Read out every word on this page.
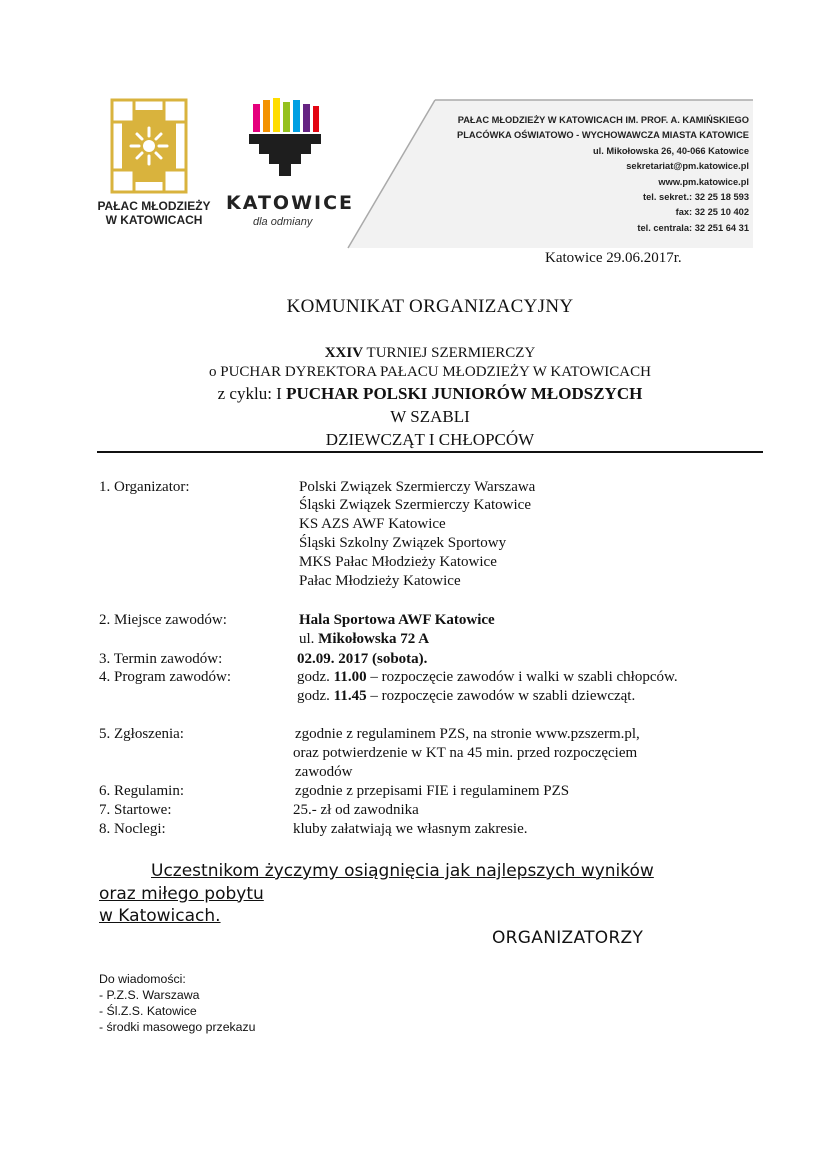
PAŁAC MŁODZIEŻY
W KATOWICACH
KATOWICE
dla odmiany
PAŁAC MŁODZIEŻY W KATOWICACH IM. PROF. A. KAMIŃSKIEGO
PLACÓWKA OŚWIATOWO - WYCHOWAWCZA MIASTA KATOWICE
ul. Mikołowska 26, 40-066 Katowice
sekretariat@pm.katowice.pl
www.pm.katowice.pl
tel. sekret.: 32 25 18 593
fax: 32 25 10 402
tel. centrala: 32 251 64 31
Katowice 29.06.2017r.
KOMUNIKAT ORGANIZACYJNY
XXIV TURNIEJ SZERMIERCZY
o PUCHAR DYREKTORA PAŁACU MŁODZIEŻY W KATOWICACH
z cyklu: I PUCHAR POLSKI JUNIORÓW MŁODSZYCH
W SZABLI
DZIEWCZĄT I CHŁOPCÓW
1. Organizator:	Polski Związek Szermierczy Warszawa
Śląski Związek Szermierczy Katowice
KS AZS AWF Katowice
Śląski Szkolny Związek Sportowy
MKS Pałac Młodzieży Katowice
Pałac Młodzieży Katowice
2. Miejsce zawodów:	Hala Sportowa AWF Katowice
ul. Mikołowska 72 A
3. Termin zawodów:	02.09. 2017 (sobota).
4. Program zawodów:	godz. 11.00 – rozpoczęcie zawodów i walki w szabli chłopców.
godz. 11.45 – rozpoczęcie zawodów w szabli dziewcząt.
5. Zgłoszenia:	zgodnie z regulaminem PZS, na stronie www.pzszerm.pl,
oraz potwierdzenie w KT na 45 min. przed rozpoczęciem
zawodów
6. Regulamin:	zgodnie z przepisami FIE i regulaminem PZS
7. Startowe:	25.- zł od zawodnika
8. Noclegi:	kluby załatwiają we własnym zakresie.
Uczestnikom życzymy osiągnięcia jak najlepszych wyników
oraz miłego pobytu
w Katowicach.
ORGANIZATORZY
Do wiadomości:
- P.Z.S. Warszawa
- Śl.Z.S. Katowice
- środki masowego przekazu
